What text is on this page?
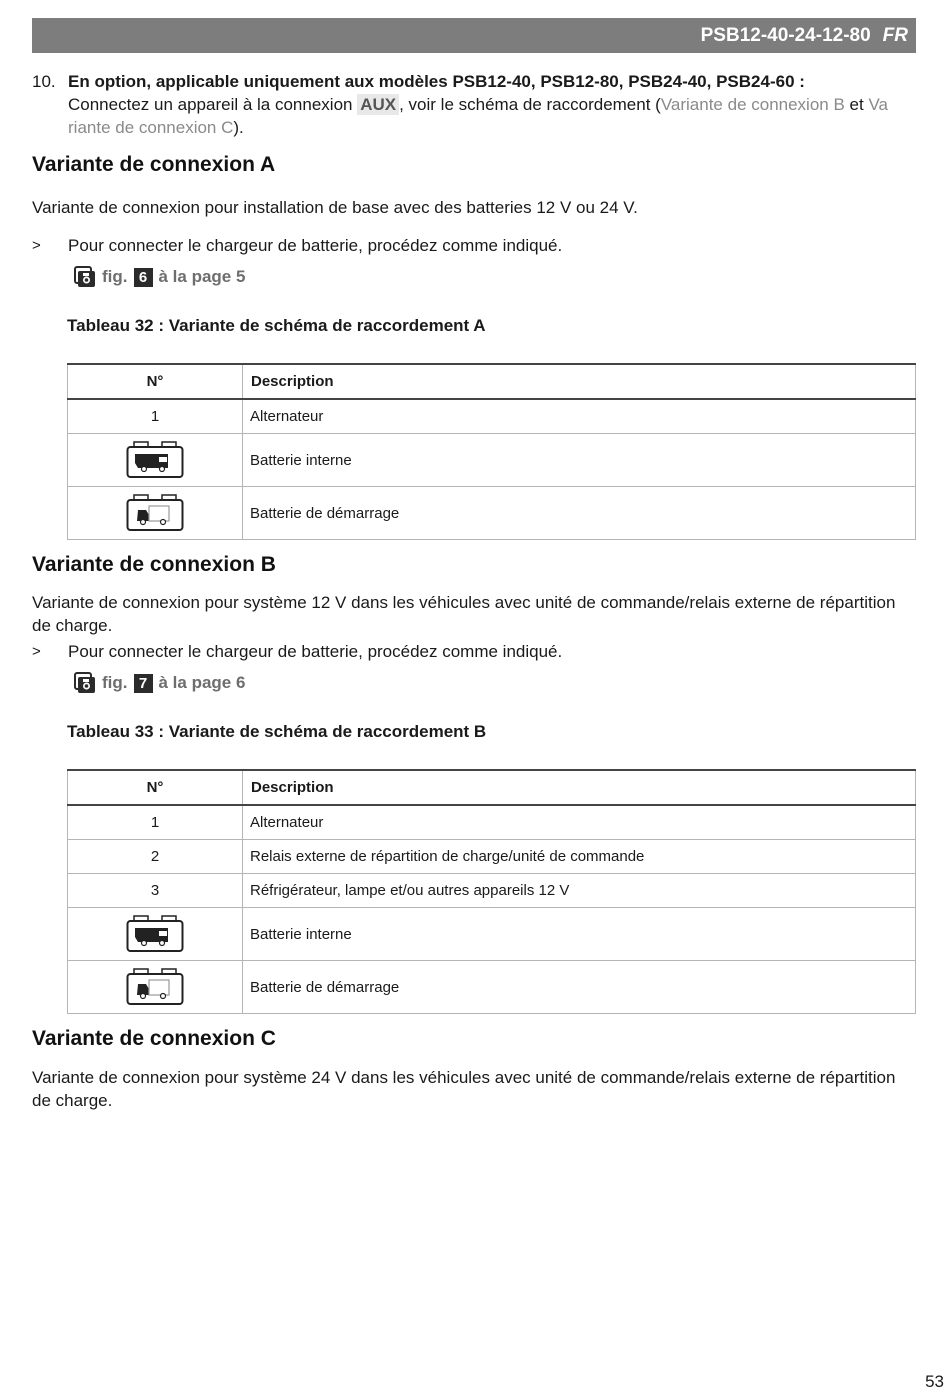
PSB12-40-24-12-80 FR
10. En option, applicable uniquement aux modèles PSB12-40, PSB12-80, PSB24-40, PSB24-60 :
Connectez un appareil à la connexion AUX , voir le schéma de raccordement (Variante de connexion B et Va riante de connexion C).
Variante de connexion A
Variante de connexion pour installation de base avec des batteries 12 V ou 24 V.
> Pour connecter le chargeur de batterie, procédez comme indiqué.
fig. 6 à la page 5
Tableau 32 : Variante de schéma de raccordement A
N°	Description
1	Alternateur
	Batterie interne
	Batterie de démarrage
Variante de connexion B
Variante de connexion pour système 12 V dans les véhicules avec unité de commande/relais externe de répartition de charge.
> Pour connecter le chargeur de batterie, procédez comme indiqué.
fig. 7 à la page 6
Tableau 33 : Variante de schéma de raccordement B
N°	Description
1	Alternateur
2	Relais externe de répartition de charge/unité de commande
3	Réfrigérateur, lampe et/ou autres appareils 12 V
	Batterie interne
	Batterie de démarrage
Variante de connexion C
Variante de connexion pour système 24 V dans les véhicules avec unité de commande/relais externe de répartition de charge.
53
